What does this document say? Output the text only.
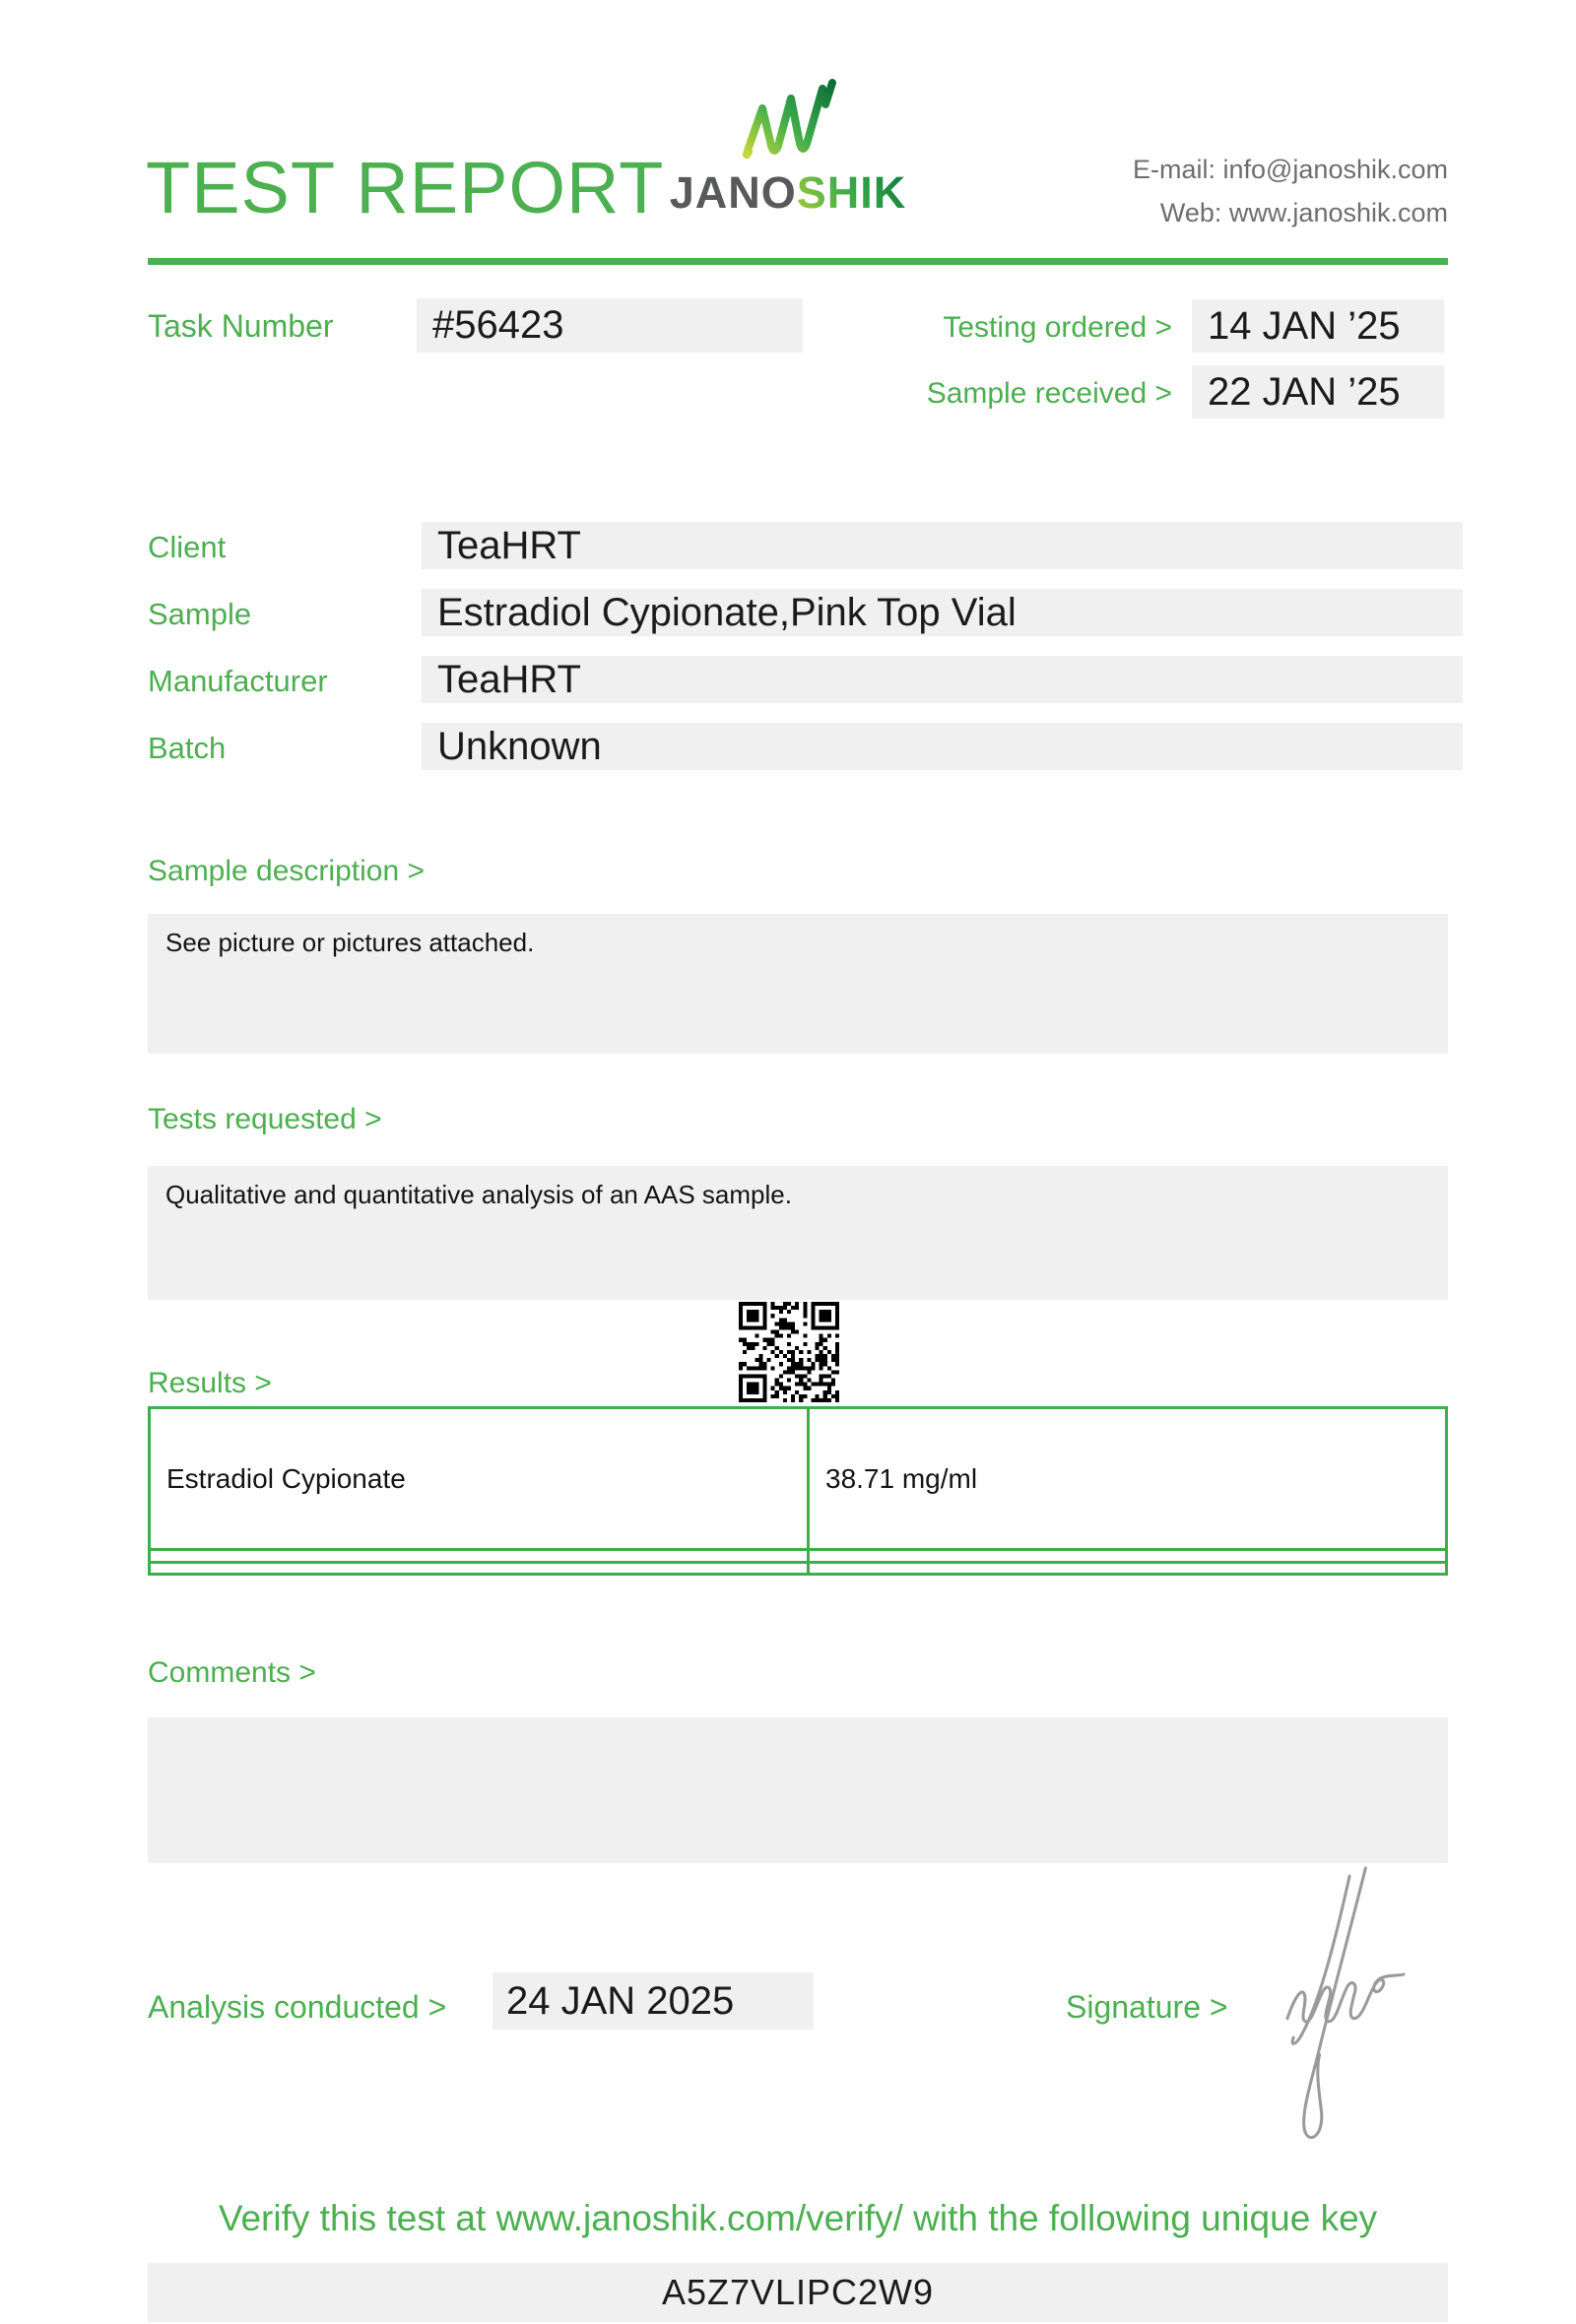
TEST REPORT JANOSHIK	E-mail: info@janoshik.com
Web: www.janoshik.com
Task Number	#56423	Testing ordered > 14 JAN ’25
Sample received > 22 JAN ’25
Client	TeaHRT
Sample	Estradiol Cypionate,Pink Top Vial
Manufacturer	TeaHRT
Batch	Unknown
Sample description >
See picture or pictures attached.
Tests requested >
Qualitative and quantitative analysis of an AAS sample.
Results >
Estradiol Cypionate	38.71 mg/ml

Comments >
Analysis conducted >	24 JAN 2025	Signature >
Verify this test at www.janoshik.com/verify/ with the following unique key
A5Z7VLIPC2W9
